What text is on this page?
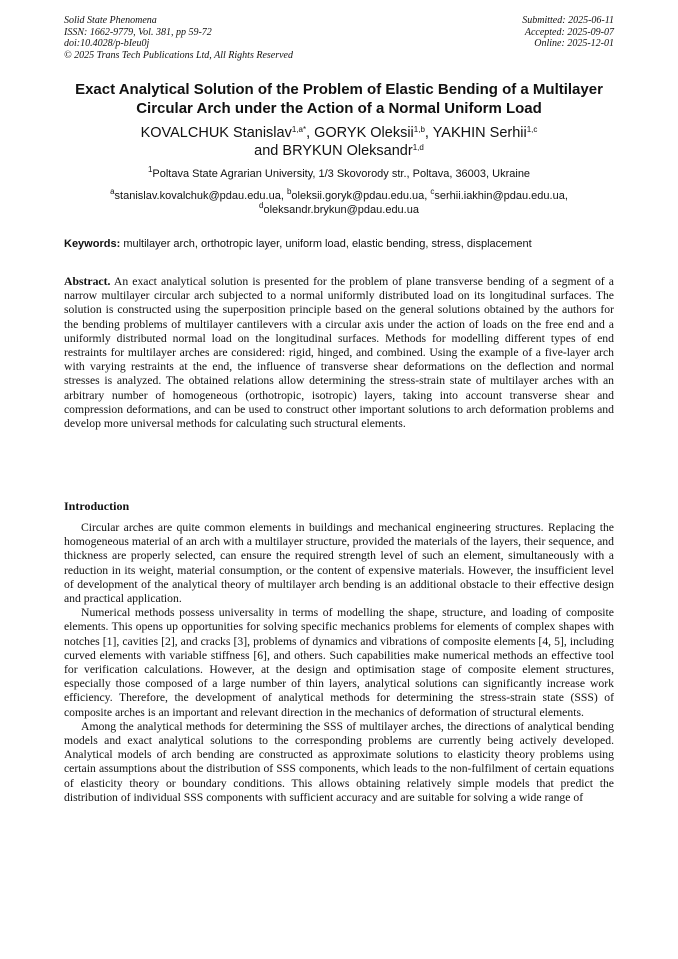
Solid State Phenomena
ISSN: 1662-9779, Vol. 381, pp 59-72
doi:10.4028/p-bIeu0j
© 2025 Trans Tech Publications Ltd, All Rights Reserved
Submitted: 2025-06-11
Accepted: 2025-09-07
Online: 2025-12-01
Exact Analytical Solution of the Problem of Elastic Bending of a Multilayer Circular Arch under the Action of a Normal Uniform Load
KOVALCHUK Stanislav$^{1,a*}$, GORYK Oleksii$^{1,b}$, YAKHIN Serhii$^{1,c}$
and BRYKUN Oleksandr$^{1,d}$
$^1$Poltava State Agrarian University, 1/3 Skovorody str., Poltava, 36003, Ukraine
$^a$stanislav.kovalchuk@pdau.edu.ua, $^b$oleksii.goryk@pdau.edu.ua, $^c$serhii.iakhin@pdau.edu.ua,
$^d$oleksandr.brykun@pdau.edu.ua
Keywords: multilayer arch, orthotropic layer, uniform load, elastic bending, stress, displacement
Abstract. An exact analytical solution is presented for the problem of plane transverse bending of a segment of a narrow multilayer circular arch subjected to a normal uniformly distributed load on its longitudinal surfaces. The solution is constructed using the superposition principle based on the general solutions obtained by the authors for the bending problems of multilayer cantilevers with a circular axis under the action of loads on the free end and a uniformly distributed normal load on the longitudinal surfaces. Methods for modelling different types of end restraints for multilayer arches are considered: rigid, hinged, and combined. Using the example of a five-layer arch with varying restraints at the end, the influence of transverse shear deformations on the deflection and normal stresses is analyzed. The obtained relations allow determining the stress-strain state of multilayer arches with an arbitrary number of homogeneous (orthotropic, isotropic) layers, taking into account transverse shear and compression deformations, and can be used to construct other important solutions to arch deformation problems and develop more universal methods for calculating such structural elements.
Introduction

Circular arches are quite common elements in buildings and mechanical engineering structures. Replacing the homogeneous material of an arch with a multilayer structure, provided the materials of the layers, their sequence, and thickness are properly selected, can ensure the required strength level of such an element, simultaneously with a reduction in its weight, material consumption, or the content of expensive materials. However, the insufficient level of development of the analytical theory of multilayer arch bending is an additional obstacle to their effective design and practical application.

Numerical methods possess universality in terms of modelling the shape, structure, and loading of composite elements. This opens up opportunities for solving specific mechanics problems for elements of complex shapes with notches [1], cavities [2], and cracks [3], problems of dynamics and vibrations of composite elements [4, 5], including curved elements with variable stiffness [6], and others. Such capabilities make numerical methods an effective tool for verification calculations. However, at the design and optimisation stage of composite element structures, especially those composed of a large number of thin layers, analytical solutions can significantly increase work efficiency. Therefore, the development of analytical methods for determining the stress-strain state (SSS) of composite arches is an important and relevant direction in the mechanics of deformation of structural elements.

Among the analytical methods for determining the SSS of multilayer arches, the directions of analytical bending models and exact analytical solutions to the corresponding problems are currently being actively developed. Analytical models of arch bending are constructed as approximate solutions to elasticity theory problems using certain assumptions about the distribution of SSS components, which leads to the non-fulfilment of certain equations of elasticity theory or boundary conditions. This allows obtaining relatively simple models that predict the distribution of individual SSS components with sufficient accuracy and are suitable for solving a wide range of
